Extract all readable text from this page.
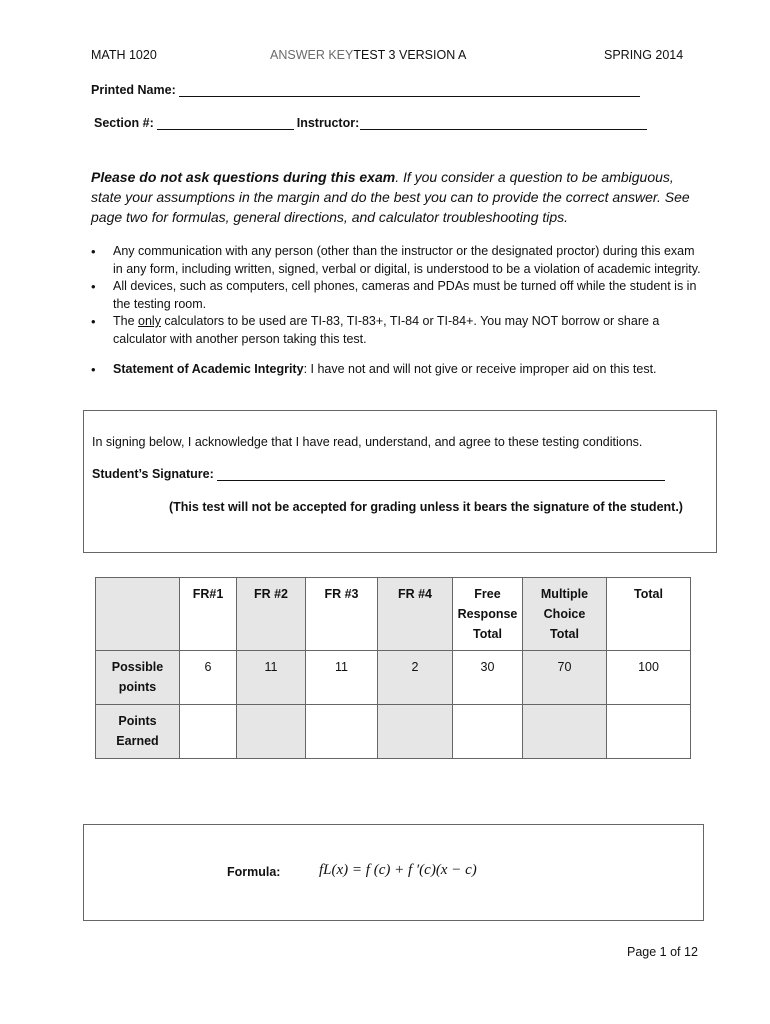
MATH 1020	ANSWER KEYTEST 3 VERSION A	SPRING 2014
Printed Name:
Section #:	Instructor:
Please do not ask questions during this exam. If you consider a question to be ambiguous, state your assumptions in the margin and do the best you can to provide the correct answer. See page two for formulas, general directions, and calculator troubleshooting tips.
• Any communication with any person (other than the instructor or the designated proctor) during this exam in any form, including written, signed, verbal or digital, is understood to be a violation of academic integrity.
• All devices, such as computers, cell phones, cameras and PDAs must be turned off while the student is in the testing room.
• The only calculators to be used are TI-83, TI-83+, TI-84 or TI-84+. You may NOT borrow or share a calculator with another person taking this test.
• Statement of Academic Integrity: I have not and will not give or receive improper aid on this test.
In signing below, I acknowledge that I have read, understand, and agree to these testing conditions.
Student’s Signature:
(This test will not be accepted for grading unless it bears the signature of the student.)
	FR#1	FR #2	FR #3	FR #4	Free Response Total	Multiple Choice Total	Total
Possible points	6	11	11	2	30	70	100
Points Earned							
Formula:	fL(x) = f (c) + f ′(c)(x − c)
Page 1 of 12
